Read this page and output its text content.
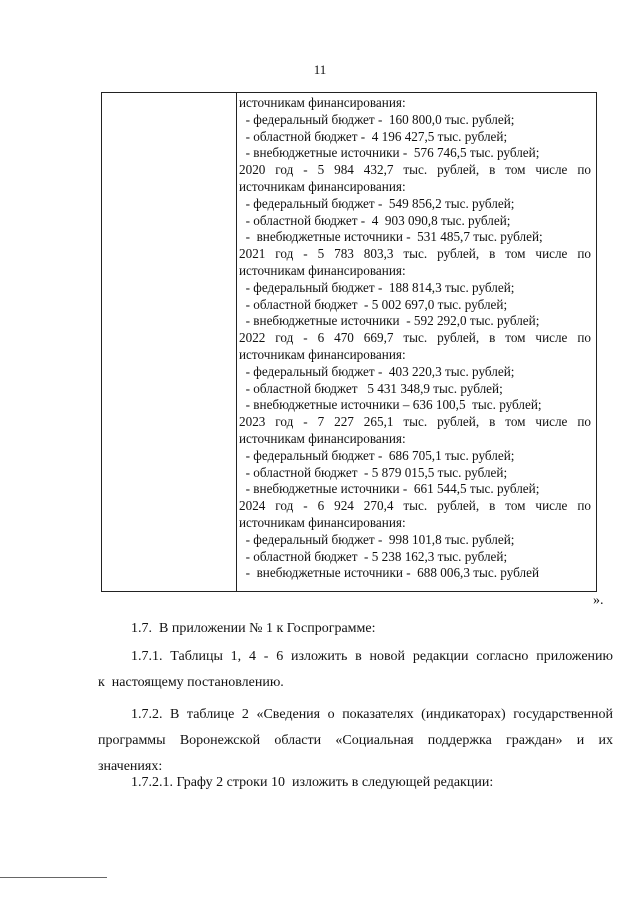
11
источникам финансирования:
- федеральный бюджет -  160 800,0 тыс. рублей;
- областной бюджет -  4 196 427,5 тыс. рублей;
- внебюджетные источники -  576 746,5 тыс. рублей;
2020 год - 5 984 432,7 тыс. рублей, в том числе по
источникам финансирования:
- федеральный бюджет -  549 856,2 тыс. рублей;
- областной бюджет -  4  903 090,8 тыс. рублей;
-  внебюджетные источники -  531 485,7 тыс. рублей;
2021 год - 5 783 803,3 тыс. рублей, в том числе по
источникам финансирования:
- федеральный бюджет -  188 814,3 тыс. рублей;
- областной бюджет  - 5 002 697,0 тыс. рублей;
- внебюджетные источники  - 592 292,0 тыс. рублей;
2022 год - 6 470 669,7 тыс. рублей, в том числе по
источникам финансирования:
- федеральный бюджет -  403 220,3 тыс. рублей;
- областной бюджет   5 431 348,9 тыс. рублей;
- внебюджетные источники – 636 100,5  тыс. рублей;
2023 год - 7 227 265,1 тыс. рублей, в том числе по
источникам финансирования:
- федеральный бюджет -  686 705,1 тыс. рублей;
- областной бюджет  - 5 879 015,5 тыс. рублей;
- внебюджетные источники -  661 544,5 тыс. рублей;
2024 год - 6 924 270,4 тыс. рублей, в том числе по
источникам финансирования:
- федеральный бюджет -  998 101,8 тыс. рублей;
- областной бюджет  - 5 238 162,3 тыс. рублей;
-  внебюджетные источники -  688 006,3 тыс. рублей
».
1.7.  В приложении № 1 к Госпрограмме:
1.7.1. Таблицы 1, 4 - 6 изложить в новой редакции согласно приложению
к  настоящему постановлению.
1.7.2. В таблице 2 «Сведения о показателях (индикаторах) государственной
программы Воронежской области «Социальная поддержка граждан» и их
значениях:
1.7.2.1. Графу 2 строки 10  изложить в следующей редакции:
